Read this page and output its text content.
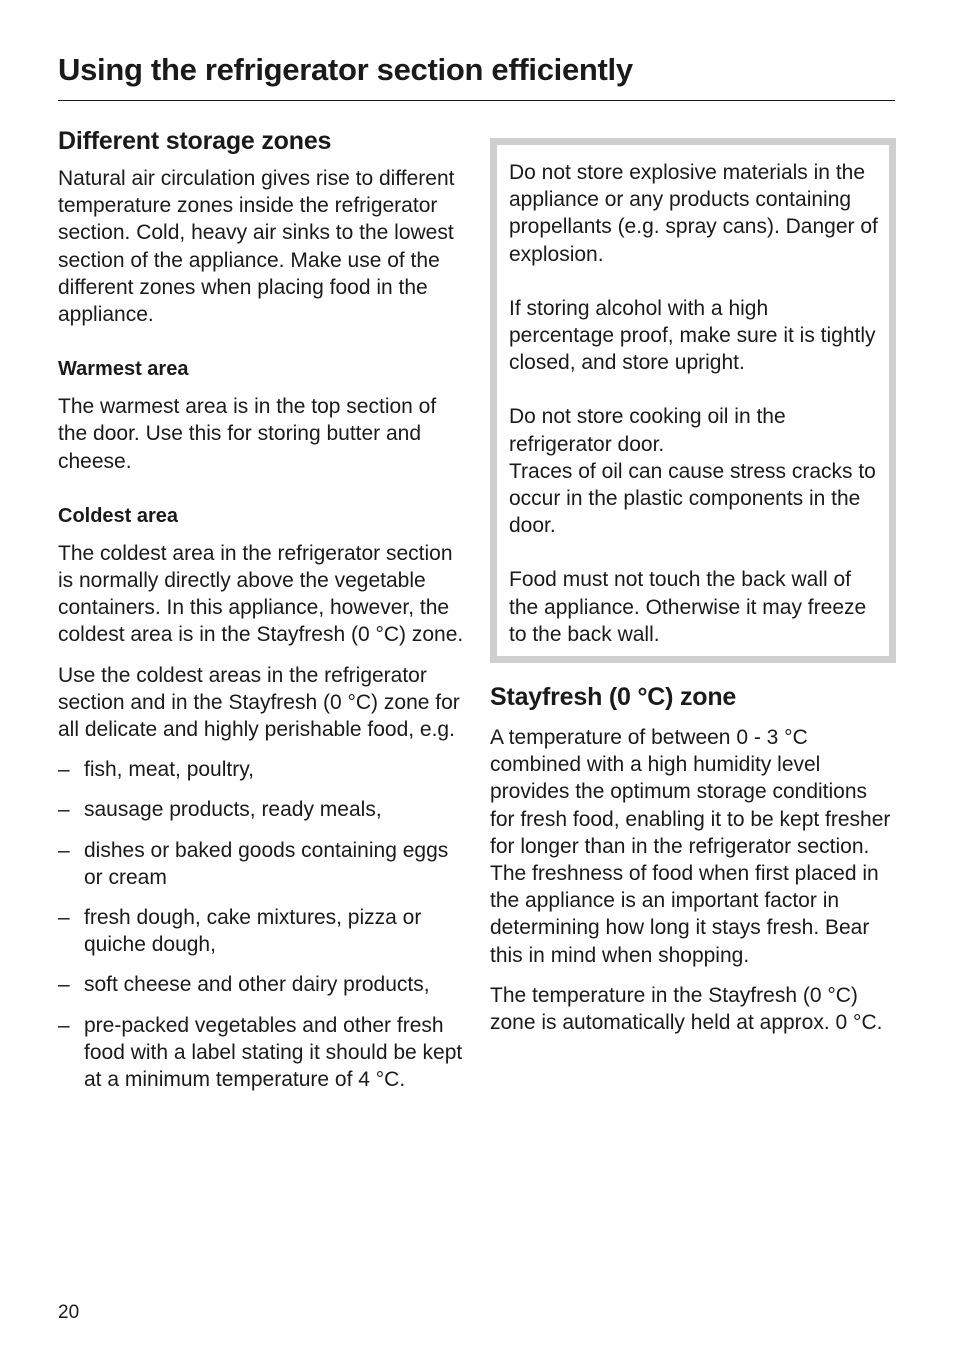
Using the refrigerator section efficiently
Different storage zones

Natural air circulation gives rise to different temperature zones inside the refrigerator section. Cold, heavy air sinks to the lowest section of the appliance. Make use of the different zones when placing food in the appliance.

Warmest area

The warmest area is in the top section of the door. Use this for storing butter and cheese.

Coldest area

The coldest area in the refrigerator section is normally directly above the vegetable containers. In this appliance, however, the coldest area is in the Stayfresh (0 °C) zone.

Use the coldest areas in the refrigerator section and in the Stayfresh (0 °C) zone for all delicate and highly perishable food, e.g.

– fish, meat, poultry,
– sausage products, ready meals,
– dishes or baked goods containing eggs or cream
– fresh dough, cake mixtures, pizza or quiche dough,
– soft cheese and other dairy products,
– pre-packed vegetables and other fresh food with a label stating it should be kept at a minimum temperature of 4 °C.

Do not store explosive materials in the appliance or any products containing propellants (e.g. spray cans). Danger of explosion.

If storing alcohol with a high percentage proof, make sure it is tightly closed, and store upright.

Do not store cooking oil in the refrigerator door.
Traces of oil can cause stress cracks to occur in the plastic components in the door.

Food must not touch the back wall of the appliance. Otherwise it may freeze to the back wall.

Stayfresh (0 °C) zone

A temperature of between 0 - 3 °C combined with a high humidity level provides the optimum storage conditions for fresh food, enabling it to be kept fresher for longer than in the refrigerator section.
The freshness of food when first placed in the appliance is an important factor in determining how long it stays fresh. Bear this in mind when shopping.

The temperature in the Stayfresh (0 °C) zone is automatically held at approx. 0 °C.

20
